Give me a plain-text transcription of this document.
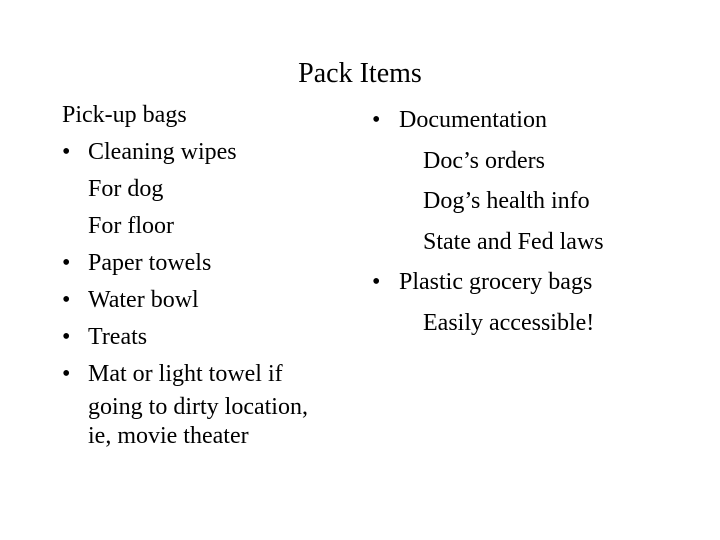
Pack Items
Pick-up bags
• Cleaning wipes
For dog
For floor
• Paper towels
• Water bowl
• Treats
• Mat or light towel if
going to dirty location,
ie, movie theater
• Documentation
Doc’s orders
Dog’s health info
State and Fed laws
• Plastic grocery bags
Easily accessible!
